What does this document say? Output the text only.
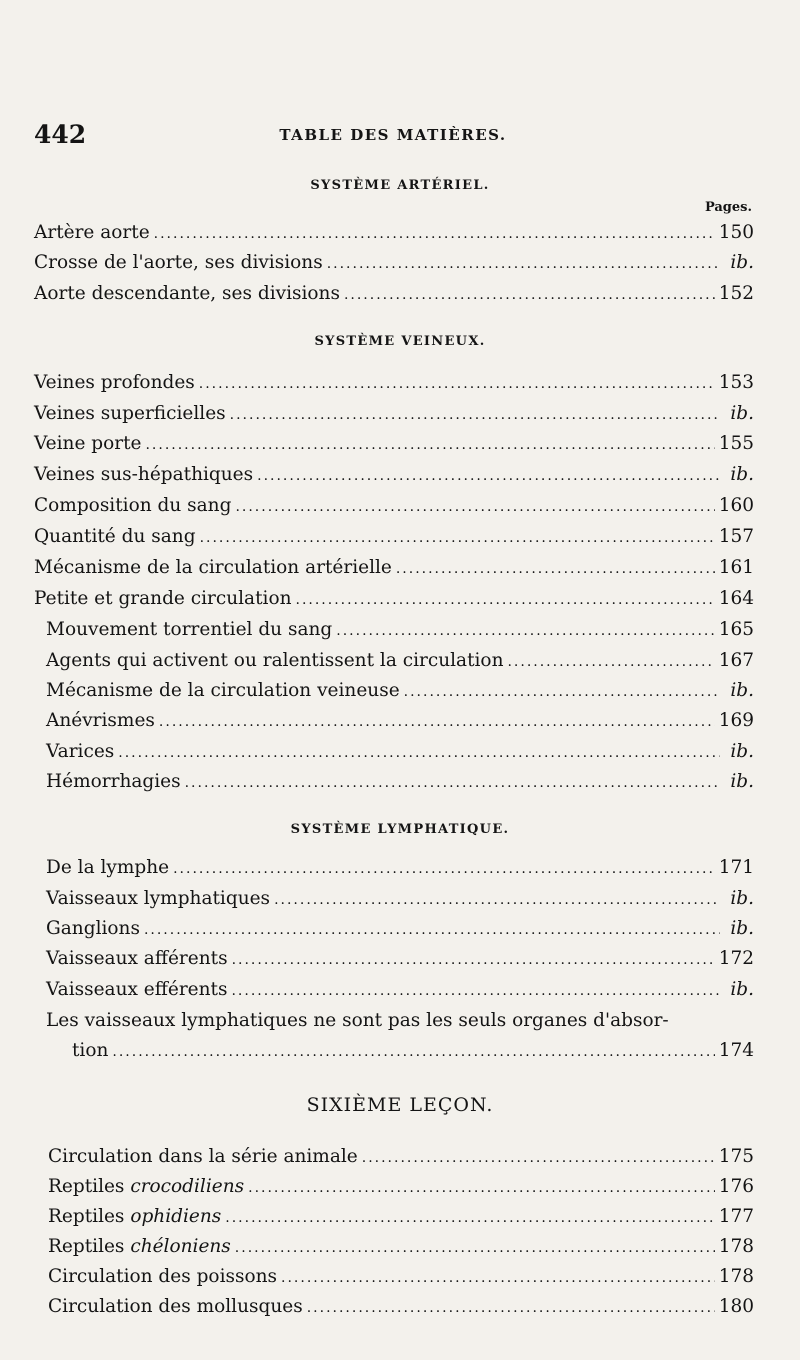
442	TABLE DES MATIÈRES.
SYSTÈME ARTÉRIEL.
Pages.
Artère aorte .....	150
Crosse de l'aorte, ses divisions .....	ib.
Aorte descendante, ses divisions .....	152
SYSTÈME VEINEUX.
Veines profondes .....	153
Veines superficielles .....	ib.
Veine porte .....	155
Veines sus-hépathiques .....	ib.
Composition du sang .....	160
Quantité du sang .....	157
Mécanisme de la circulation artérielle .....	161
Petite et grande circulation .....	164
Mouvement torrentiel du sang .....	165
Agents qui activent ou ralentissent la circulation .....	167
Mécanisme de la circulation veineuse .....	ib.
Anévrismes .....	169
Varices .....	ib.
Hémorrhagies .....	ib.
SYSTÈME LYMPHATIQUE.
De la lymphe .....	171
Vaisseaux lymphatiques .....	ib.
Ganglions .....	ib.
Vaisseaux afférents .....	172
Vaisseaux efférents .....	ib.
Les vaisseaux lymphatiques ne sont pas les seuls organes d'absor-
tion .....	174
SIXIÈME LEÇON.
Circulation dans la série animale .....	175
Reptiles crocodiliens .....	176
Reptiles ophidiens .....	177
Reptiles chéloniens .....	178
Circulation des poissons .....	178
Circulation des mollusques .....	180
